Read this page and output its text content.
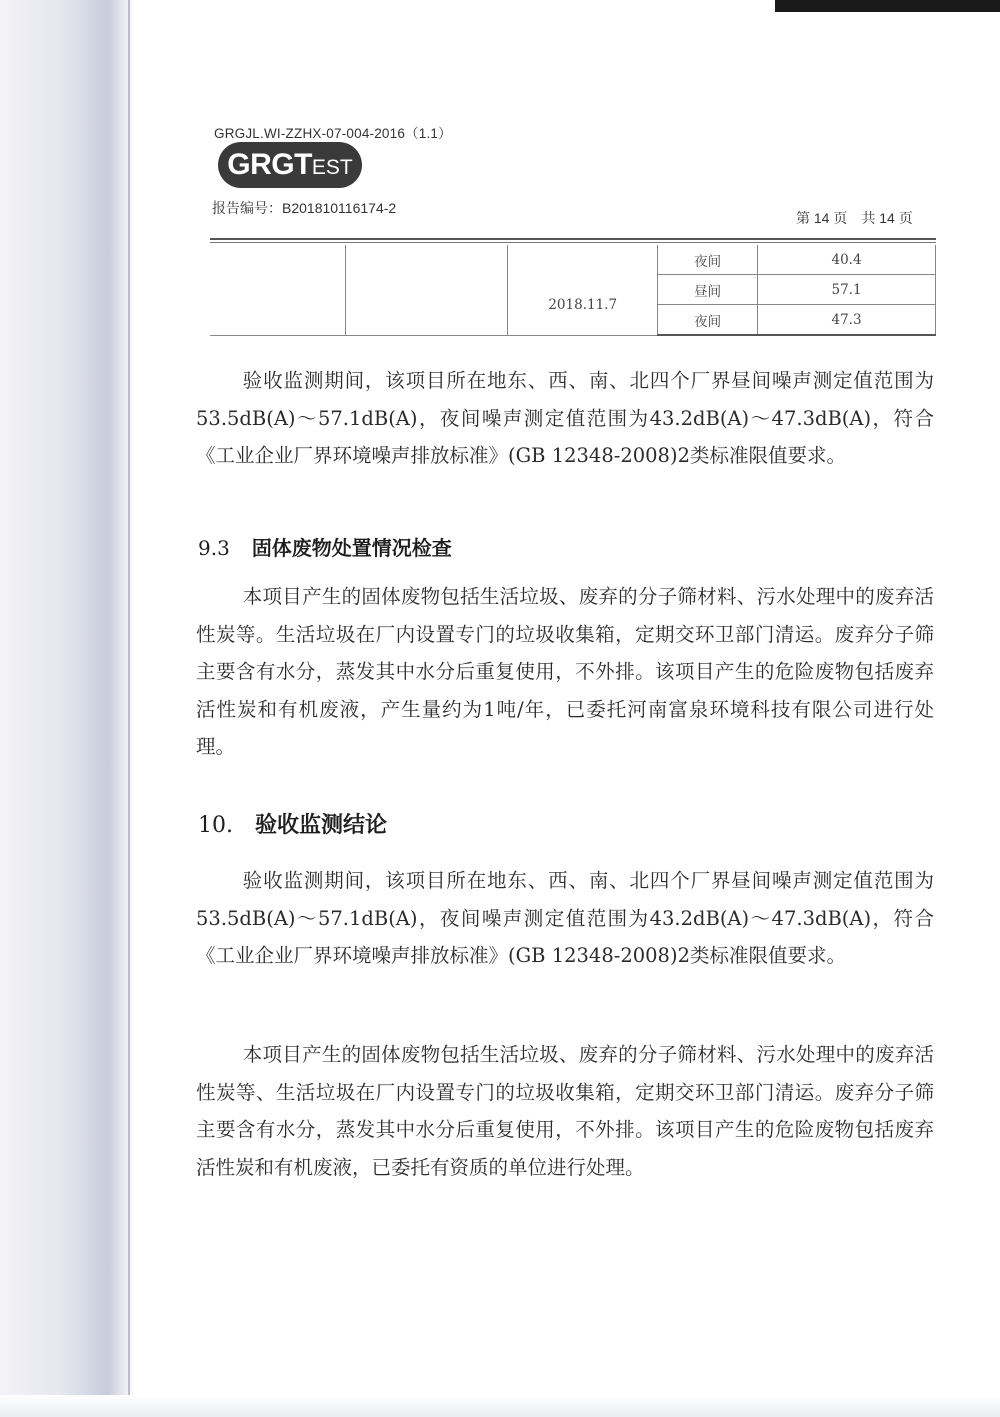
GRGJL.WI-ZZHX-07-004-2016（1.1）
GRGTEST
报告编号：B201810116174-2
第 14 页　共 14 页
			夜间	40.4
		2018.11.7	昼间	57.1
			夜间	47.3

验收监测期间，该项目所在地东、西、南、北四个厂界昼间噪声测定值范围为53.5dB(A)～57.1dB(A)，夜间噪声测定值范围为43.2dB(A)～47.3dB(A)，符合《工业企业厂界环境噪声排放标准》(GB 12348-2008)2类标准限值要求。

9.3 固体废物处置情况检查

本项目产生的固体废物包括生活垃圾、废弃的分子筛材料、污水处理中的废弃活性炭等。生活垃圾在厂内设置专门的垃圾收集箱，定期交环卫部门清运。废弃分子筛主要含有水分，蒸发其中水分后重复使用，不外排。该项目产生的危险废物包括废弃活性炭和有机废液，产生量约为1吨/年，已委托河南富泉环境科技有限公司进行处理。

10. 验收监测结论

验收监测期间，该项目所在地东、西、南、北四个厂界昼间噪声测定值范围为53.5dB(A)～57.1dB(A)，夜间噪声测定值范围为43.2dB(A)～47.3dB(A)，符合《工业企业厂界环境噪声排放标准》(GB 12348-2008)2类标准限值要求。

本项目产生的固体废物包括生活垃圾、废弃的分子筛材料、污水处理中的废弃活性炭等、生活垃圾在厂内设置专门的垃圾收集箱，定期交环卫部门清运。废弃分子筛主要含有水分，蒸发其中水分后重复使用，不外排。该项目产生的危险废物包括废弃活性炭和有机废液，已委托有资质的单位进行处理。
